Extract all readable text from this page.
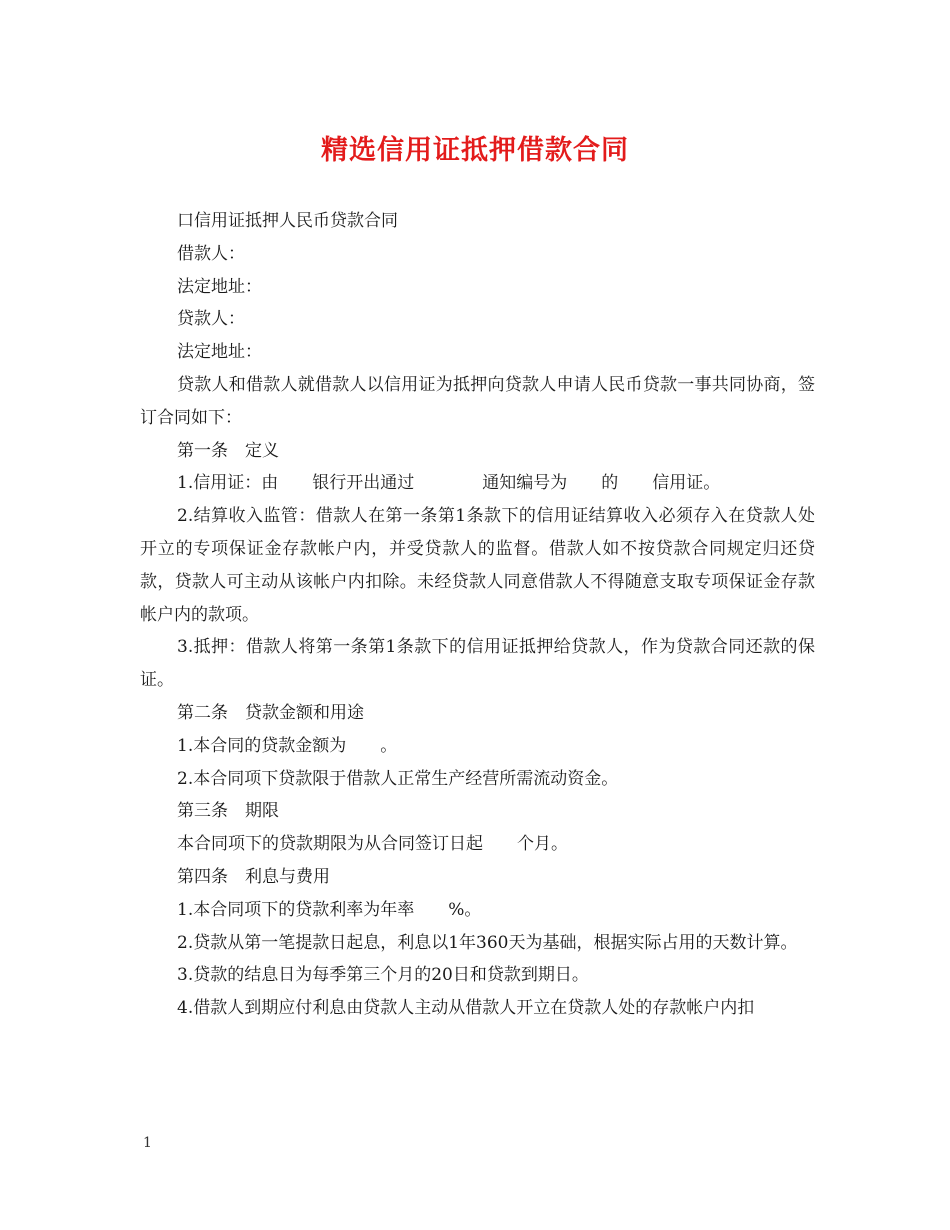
精选信用证抵押借款合同

口信用证抵押人民币贷款合同

借款人：

法定地址：

贷款人：

法定地址：

贷款人和借款人就借款人以信用证为抵押向贷款人申请人民币贷款一事共同协商，签订合同如下：

第一条　定义

1.信用证：由　　银行开出通过　　　　通知编号为　　的　　信用证。

2.结算收入监管：借款人在第一条第1条款下的信用证结算收入必须存入在贷款人处开立的专项保证金存款帐户内，并受贷款人的监督。借款人如不按贷款合同规定归还贷款，贷款人可主动从该帐户内扣除。未经贷款人同意借款人不得随意支取专项保证金存款帐户内的款项。

3.抵押：借款人将第一条第1条款下的信用证抵押给贷款人，作为贷款合同还款的保证。

第二条　贷款金额和用途

1.本合同的贷款金额为　　。

2.本合同项下贷款限于借款人正常生产经营所需流动资金。

第三条　期限

本合同项下的贷款期限为从合同签订日起　　个月。

第四条　利息与费用

1.本合同项下的贷款利率为年率　　%。

2.贷款从第一笔提款日起息，利息以1年360天为基础，根据实际占用的天数计算。

3.贷款的结息日为每季第三个月的20日和贷款到期日。

4.借款人到期应付利息由贷款人主动从借款人开立在贷款人处的存款帐户内扣

1
